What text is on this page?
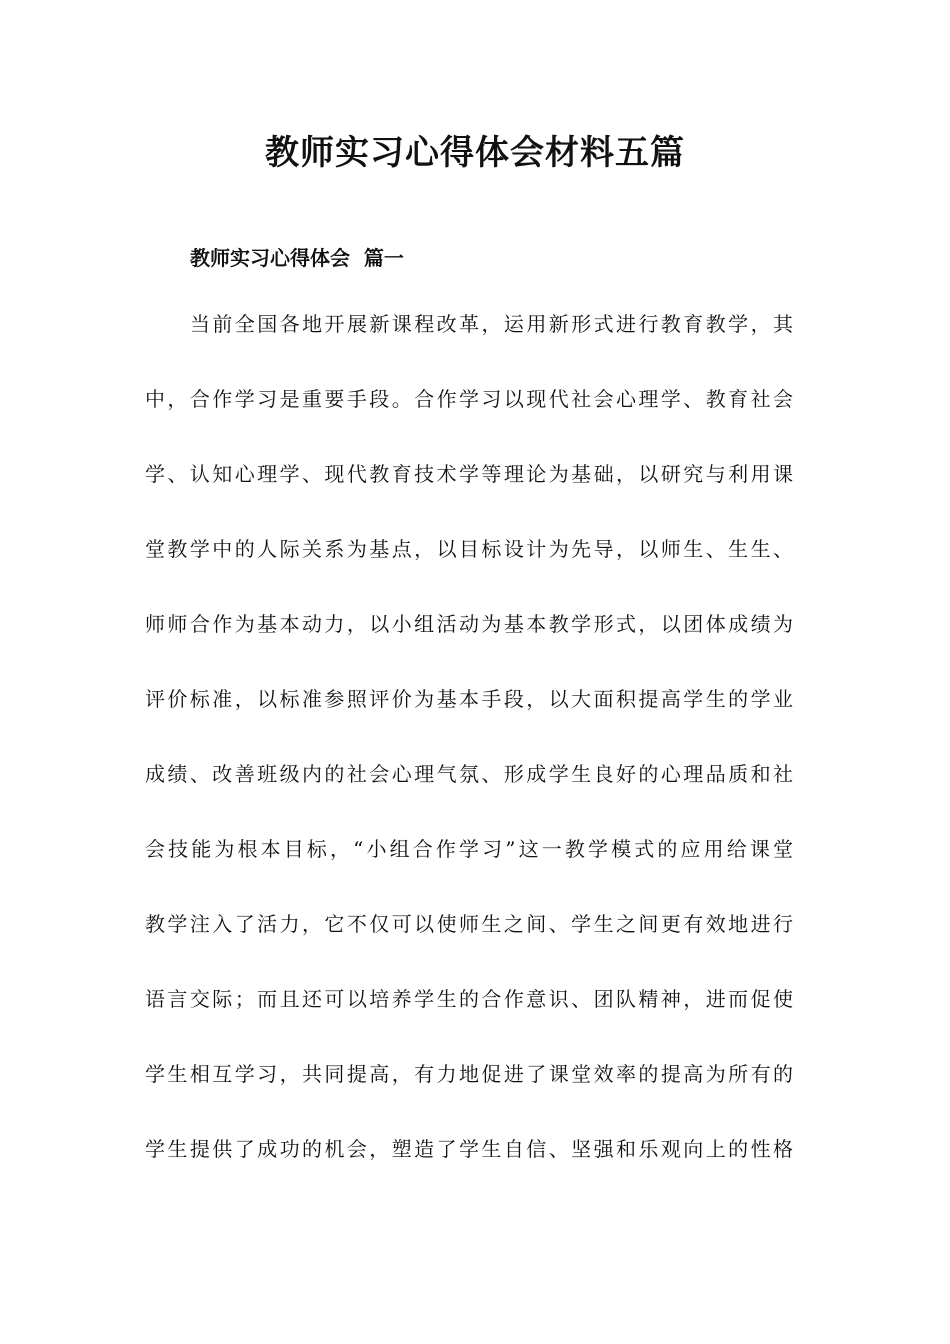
教师实习心得体会材料五篇
教师实习心得体会  篇一

当前全国各地开展新课程改革，运用新形式进行教育教学，其

中，合作学习是重要手段。合作学习以现代社会心理学、教育社会

学、认知心理学、现代教育技术学等理论为基础，以研究与利用课

堂教学中的人际关系为基点，以目标设计为先导，以师生、生生、

师师合作为基本动力，以小组活动为基本教学形式，以团体成绩为

评价标准，以标准参照评价为基本手段，以大面积提高学生的学业

成绩、改善班级内的社会心理气氛、形成学生良好的心理品质和社

会技能为根本目标，“小组合作学习”这一教学模式的应用给课堂

教学注入了活力，它不仅可以使师生之间、学生之间更有效地进行

语言交际；而且还可以培养学生的合作意识、团队精神，进而促使

学生相互学习，共同提高，有力地促进了课堂效率的提高为所有的

学生提供了成功的机会，塑造了学生自信、坚强和乐观向上的性格
